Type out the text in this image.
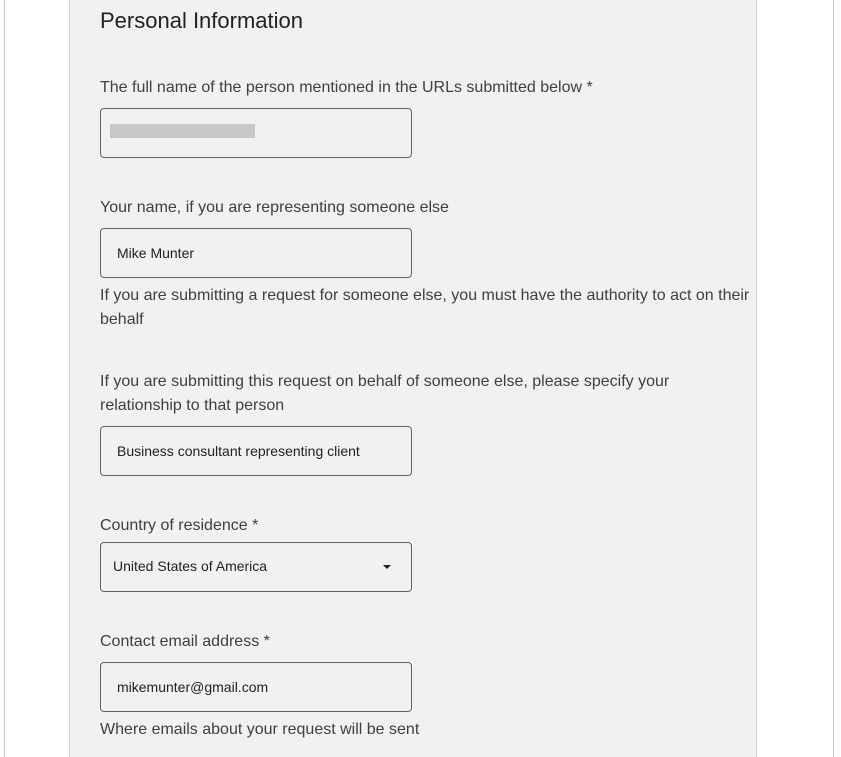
Personal Information
The full name of the person mentioned in the URLs submitted below *
Your name, if you are representing someone else
Mike Munter
If you are submitting a request for someone else, you must have the authority to act on their behalf
If you are submitting this request on behalf of someone else, please specify your relationship to that person
Business consultant representing client
Country of residence *
United States of America
Contact email address *
mikemunter@gmail.com
Where emails about your request will be sent
